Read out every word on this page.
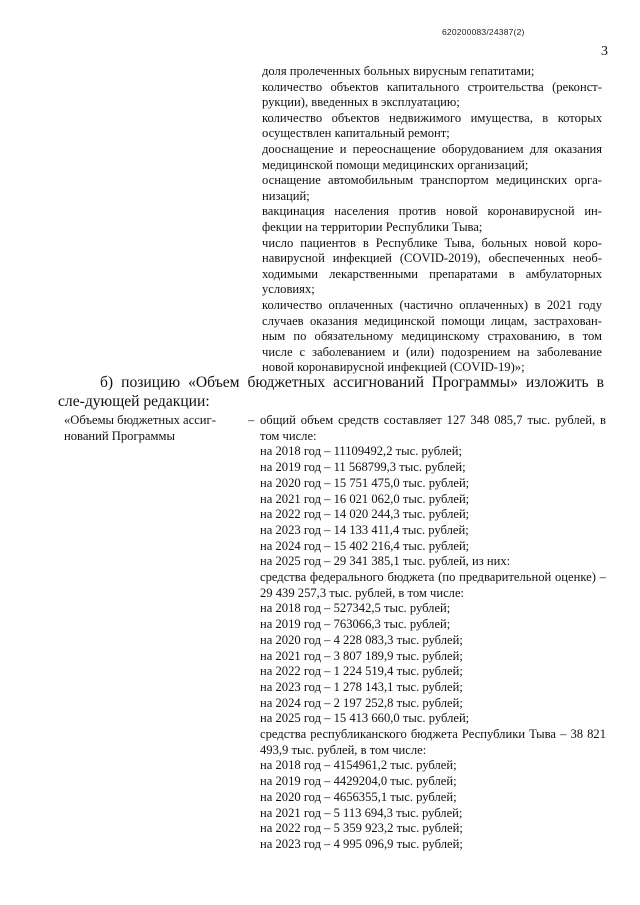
620200083/24387(2)
3

доля пролеченных больных вирусным гепатитами;

количество объектов капитального строительства (реконст-рукции), введенных в эксплуатацию;

количество объектов недвижимого имущества, в которых осуществлен капитальный ремонт;

дооснащение и переоснащение оборудованием для оказания медицинской помощи медицинских организаций;

оснащение автомобильным транспортом медицинских орга-низаций;

вакцинация населения против новой коронавирусной ин-фекции на территории Республики Тыва;

число пациентов в Республике Тыва, больных новой коро-навирусной инфекцией (COVID-2019), обеспеченных необ-ходимыми лекарственными препаратами в амбулаторных условиях;

количество оплаченных (частично оплаченных) в 2021 году случаев оказания медицинской помощи лицам, застрахован-ным по обязательному медицинскому страхованию, в том числе с заболеванием и (или) подозрением на заболевание новой коронавирусной инфекцией (COVID-19)»;

б) позицию «Объем бюджетных ассигнований Программы» изложить в сле-дующей редакции:

«Объемы бюджетных ассиг-нований Программы
– общий объем средств составляет 127 348 085,7 тыс. рублей, в том числе:
на 2018 год – 11109492,2 тыс. рублей;
на 2019 год – 11 568799,3 тыс. рублей;
на 2020 год – 15 751 475,0 тыс. рублей;
на 2021 год – 16 021 062,0 тыс. рублей;
на 2022 год – 14 020 244,3 тыс. рублей;
на 2023 год – 14 133 411,4 тыс. рублей;
на 2024 год – 15 402 216,4 тыс. рублей;
на 2025 год – 29 341 385,1 тыс. рублей, из них:
средства федерального бюджета (по предварительной оценке) – 29 439 257,3 тыс. рублей, в том числе:
на 2018 год – 527342,5 тыс. рублей;
на 2019 год – 763066,3 тыс. рублей;
на 2020 год – 4 228 083,3 тыс. рублей;
на 2021 год – 3 807 189,9 тыс. рублей;
на 2022 год – 1 224 519,4 тыс. рублей;
на 2023 год – 1 278 143,1 тыс. рублей;
на 2024 год – 2 197 252,8 тыс. рублей;
на 2025 год – 15 413 660,0 тыс. рублей;
средства республиканского бюджета Республики Тыва – 38 821 493,9 тыс. рублей, в том числе:
на 2018 год – 4154961,2 тыс. рублей;
на 2019 год – 4429204,0 тыс. рублей;
на 2020 год – 4656355,1 тыс. рублей;
на 2021 год – 5 113 694,3 тыс. рублей;
на 2022 год – 5 359 923,2 тыс. рублей;
на 2023 год – 4 995 096,9 тыс. рублей;
